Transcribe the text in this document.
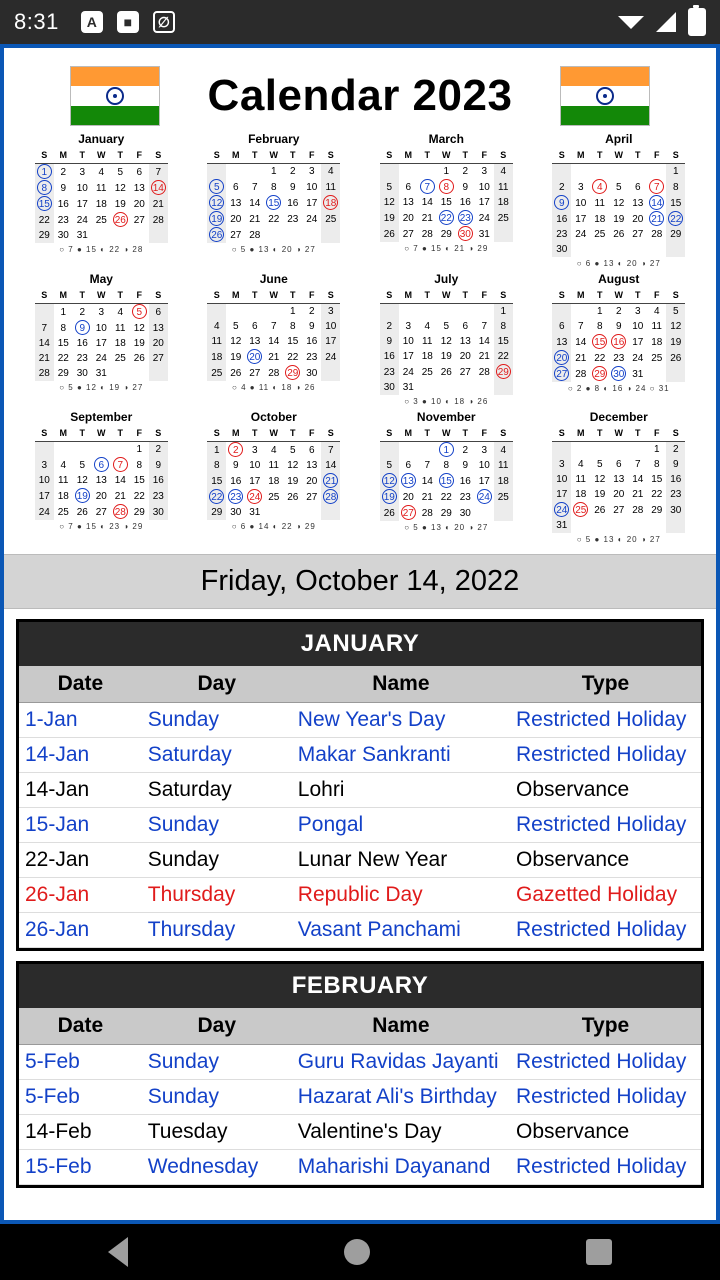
8:31	A	■	∅
Calendar 2023
January
S	M	T	W	T	F	S
1	2	3	4	5	6	7
8	9	10	11	12	13	14
15	16	17	18	19	20	21
22	23	24	25	26	27	28
29	30	31				
○ 7 ● 15 ◐ 22 ◑ 28
February
S	M	T	W	T	F	S
			1	2	3	4
5	6	7	8	9	10	11
12	13	14	15	16	17	18
19	20	21	22	23	24	25
26	27	28				
○ 5 ● 13 ◐ 20 ◑ 27
March
S	M	T	W	T	F	S
			1	2	3	4
5	6	7	8	9	10	11
12	13	14	15	16	17	18
19	20	21	22	23	24	25
26	27	28	29	30	31	
○ 7 ● 15 ◐ 21 ◑ 29
April
S	M	T	W	T	F	S
						1
2	3	4	5	6	7	8
9	10	11	12	13	14	15
16	17	18	19	20	21	22
23	24	25	26	27	28	29
30						
○ 6 ● 13 ◐ 20 ◑ 27
May
S	M	T	W	T	F	S
	1	2	3	4	5	6
7	8	9	10	11	12	13
14	15	16	17	18	19	20
21	22	23	24	25	26	27
28	29	30	31			
○ 5 ● 12 ◐ 19 ◑ 27
June
S	M	T	W	T	F	S
				1	2	3
4	5	6	7	8	9	10
11	12	13	14	15	16	17
18	19	20	21	22	23	24
25	26	27	28	29	30	
○ 4 ● 11 ◐ 18 ◑ 26
July
S	M	T	W	T	F	S
						1
2	3	4	5	6	7	8
9	10	11	12	13	14	15
16	17	18	19	20	21	22
23	24	25	26	27	28	29
30	31					
○ 3 ● 10 ◐ 18 ◑ 26
August
S	M	T	W	T	F	S
		1	2	3	4	5
6	7	8	9	10	11	12
13	14	15	16	17	18	19
20	21	22	23	24	25	26
27	28	29	30	31		
○ 2 ● 8 ◐ 16 ◑ 24 ○ 31
September
S	M	T	W	T	F	S
					1	2
3	4	5	6	7	8	9
10	11	12	13	14	15	16
17	18	19	20	21	22	23
24	25	26	27	28	29	30
○ 7 ● 15 ◐ 23 ◑ 29
October
S	M	T	W	T	F	S
1	2	3	4	5	6	7
8	9	10	11	12	13	14
15	16	17	18	19	20	21
22	23	24	25	26	27	28
29	30	31				
○ 6 ● 14 ◐ 22 ◑ 29
November
S	M	T	W	T	F	S
			1	2	3	4
5	6	7	8	9	10	11
12	13	14	15	16	17	18
19	20	21	22	23	24	25
26	27	28	29	30		
○ 5 ● 13 ◐ 20 ◑ 27
December
S	M	T	W	T	F	S
					1	2
3	4	5	6	7	8	9
10	11	12	13	14	15	16
17	18	19	20	21	22	23
24	25	26	27	28	29	30
31						
○ 5 ● 13 ◐ 20 ◑ 27
Friday, October 14, 2022
JANUARY
Date	Day	Name	Type
1-Jan	Sunday	New Year's Day	Restricted Holiday
14-Jan	Saturday	Makar Sankranti	Restricted Holiday
14-Jan	Saturday	Lohri	Observance
15-Jan	Sunday	Pongal	Restricted Holiday
22-Jan	Sunday	Lunar New Year	Observance
26-Jan	Thursday	Republic Day	Gazetted Holiday
26-Jan	Thursday	Vasant Panchami	Restricted Holiday
FEBRUARY
Date	Day	Name	Type
5-Feb	Sunday	Guru Ravidas Jayanti	Restricted Holiday
5-Feb	Sunday	Hazarat Ali's Birthday	Restricted Holiday
14-Feb	Tuesday	Valentine's Day	Observance
15-Feb	Wednesday	Maharishi Dayanand	Restricted Holiday
